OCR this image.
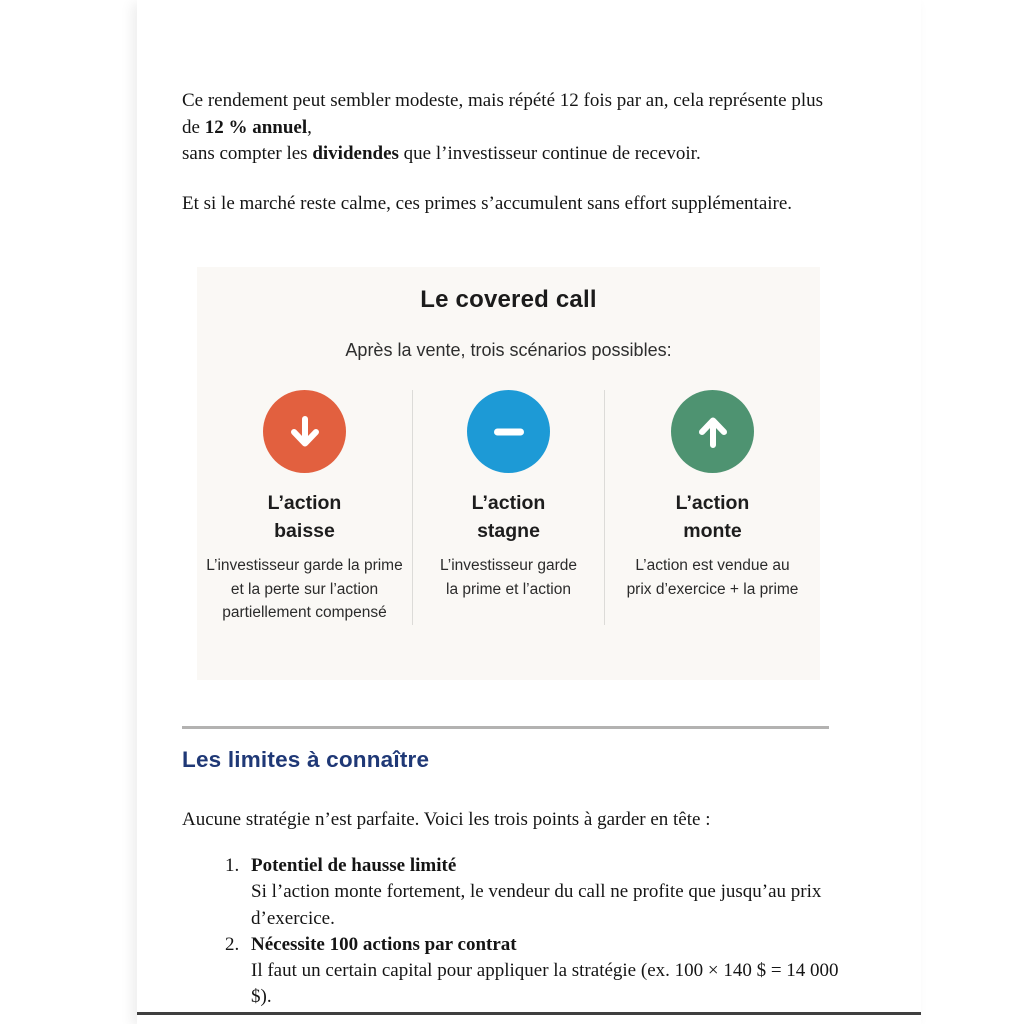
Ce rendement peut sembler modeste, mais répété 12 fois par an, cela représente plus de 12 % annuel,
sans compter les dividendes que l’investisseur continue de recevoir.
Et si le marché reste calme, ces primes s’accumulent sans effort supplémentaire.
Le covered call
Après la vente, trois scénarios possibles:
L’action
baisse
L’investisseur garde la prime et la perte sur l’action partiellement compensé
L’action
stagne
L’investisseur garde la prime et l’action
L’action
monte
L’action est vendue au prix d’exercice + la prime
Les limites à connaître
Aucune stratégie n’est parfaite. Voici les trois points à garder en tête :
1. Potentiel de hausse limité
Si l’action monte fortement, le vendeur du call ne profite que jusqu’au prix d’exercice.
2. Nécessite 100 actions par contrat
Il faut un certain capital pour appliquer la stratégie (ex. 100 × 140 $ = 14 000 $).
